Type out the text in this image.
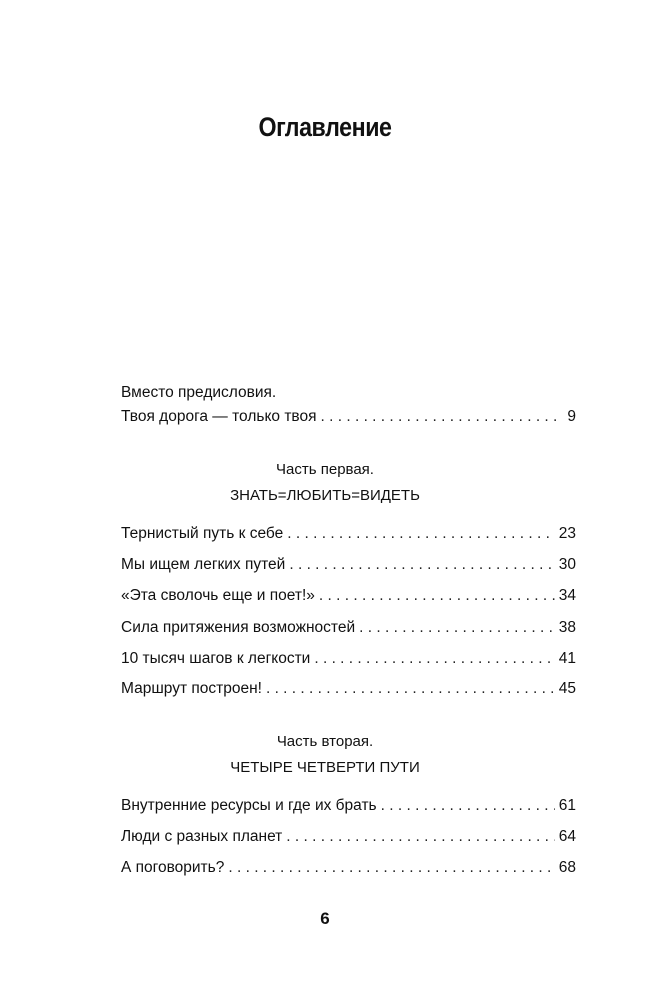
Оглавление
Вместо предисловия.
Твоя дорога — только твоя . . .	9
Часть первая.
ЗНАТЬ=ЛЮБИТЬ=ВИДЕТЬ
Тернистый путь к себе . . .	23
Мы ищем легких путей . . .	30
«Эта сволочь еще и поет!» . . .	34
Сила притяжения возможностей . . .	38
10 тысяч шагов к легкости . . .	41
Маршрут построен! . . .	45
Часть вторая.
ЧЕТЫРЕ ЧЕТВЕРТИ ПУТИ
Внутренние ресурсы и где их брать . . .	61
Люди с разных планет . . .	64
А поговорить? . . .	68
6
